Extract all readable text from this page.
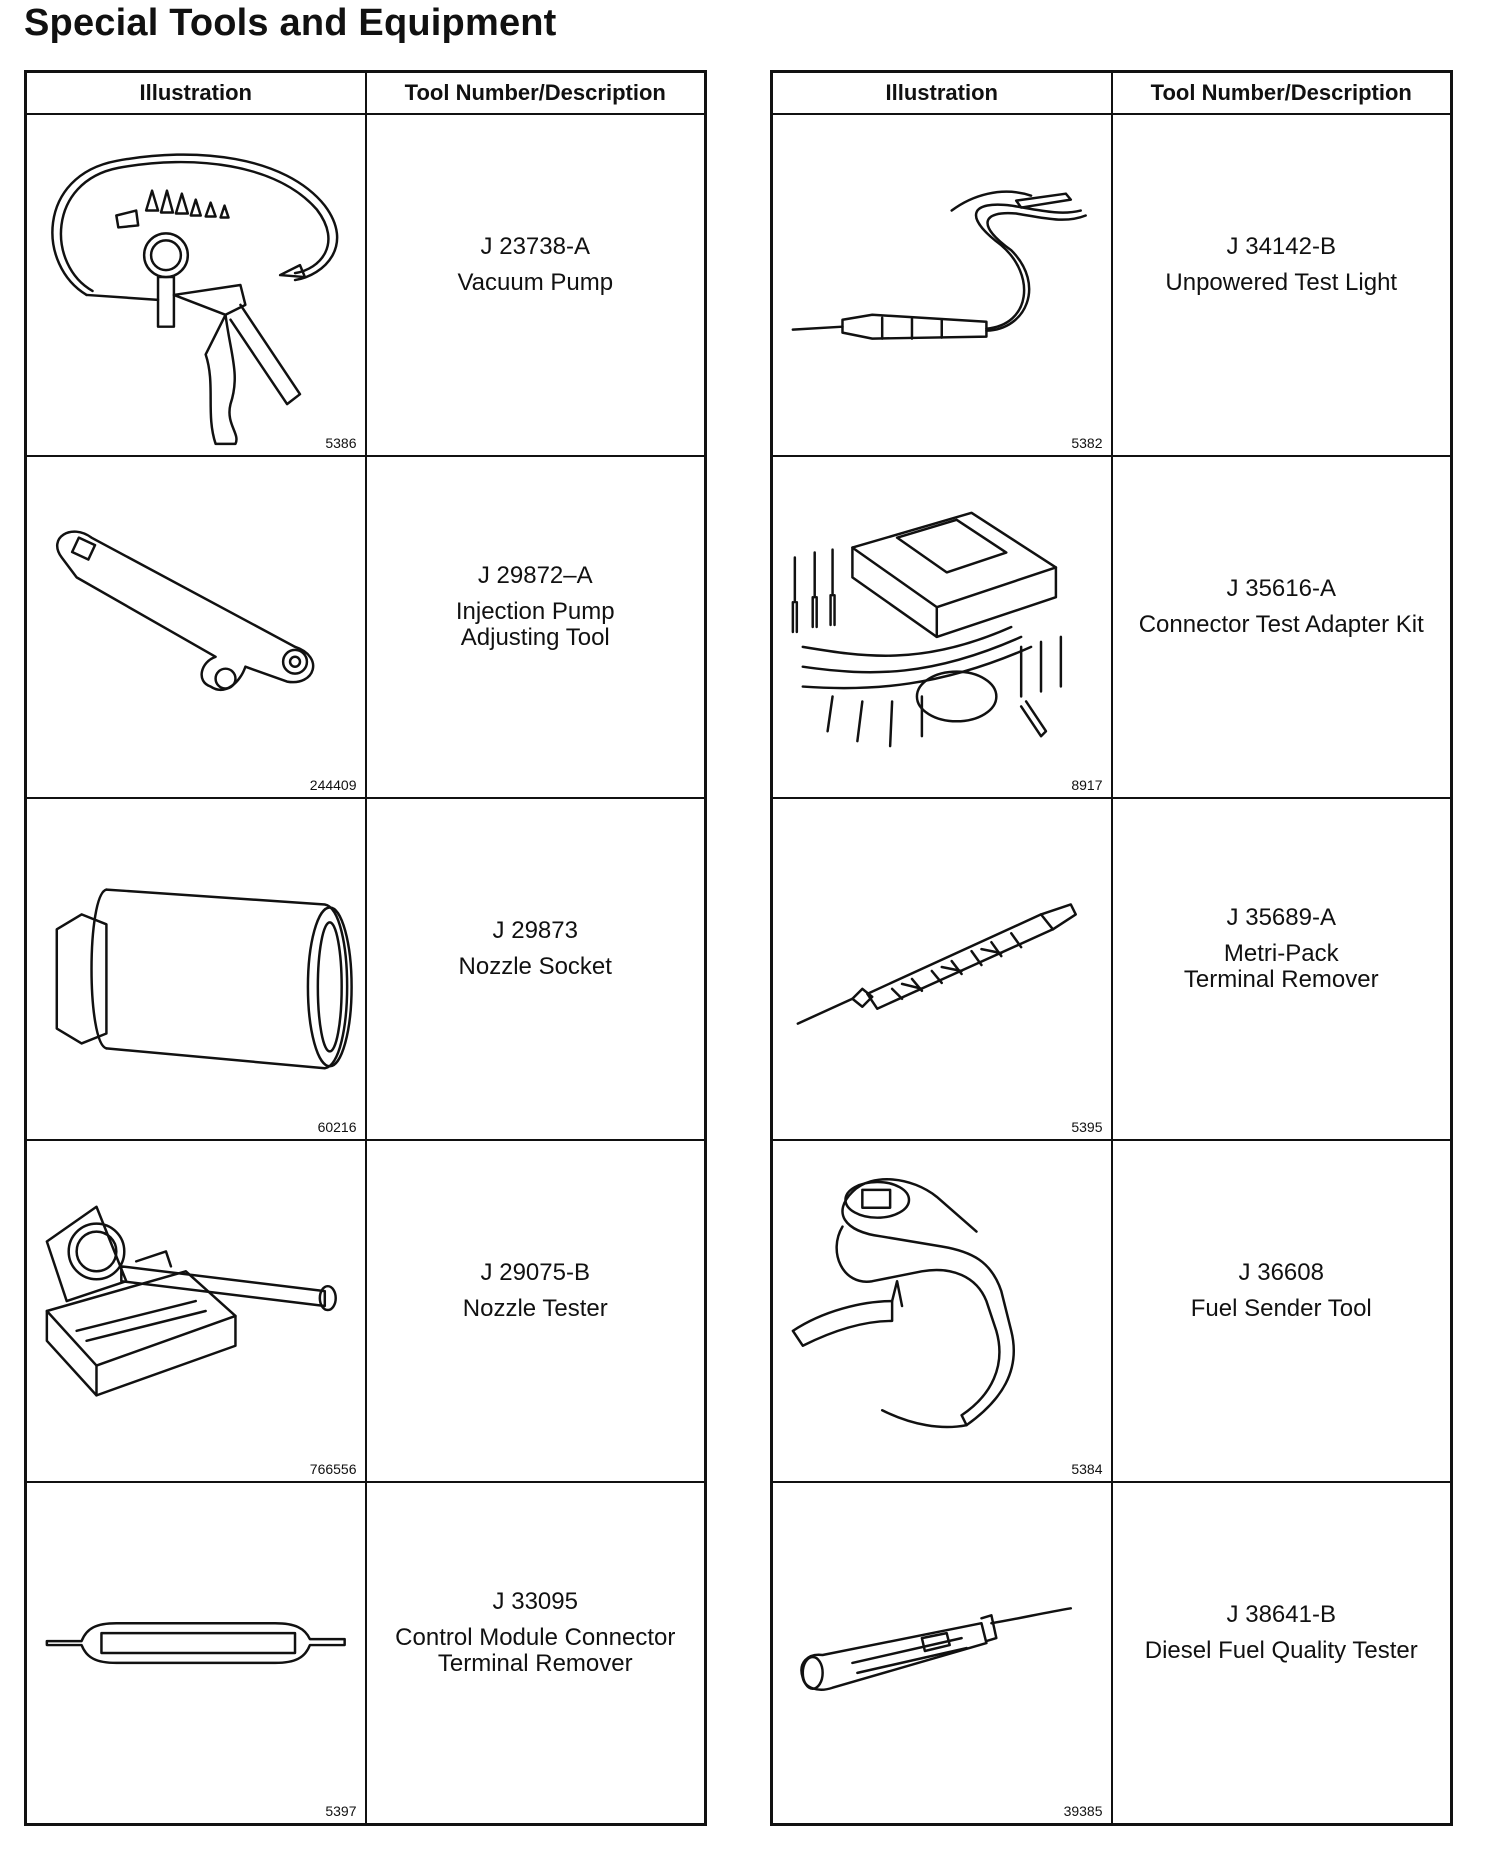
Special Tools and Equipment
Illustration	Tool Number/Description

5386	J 23738-A
Vacuum Pump

244409	J 29872–A
Injection Pump
Adjusting Tool

60216	J 29873
Nozzle Socket

766556	J 29075-B
Nozzle Tester

5397	J 33095
Control Module Connector
Terminal Remover
Illustration	Tool Number/Description

5382	J 34142-B
Unpowered Test Light

8917	J 35616-A
Connector Test Adapter Kit

5395	J 35689-A
Metri-Pack
Terminal Remover

5384	J 36608
Fuel Sender Tool

39385	J 38641-B
Diesel Fuel Quality Tester
